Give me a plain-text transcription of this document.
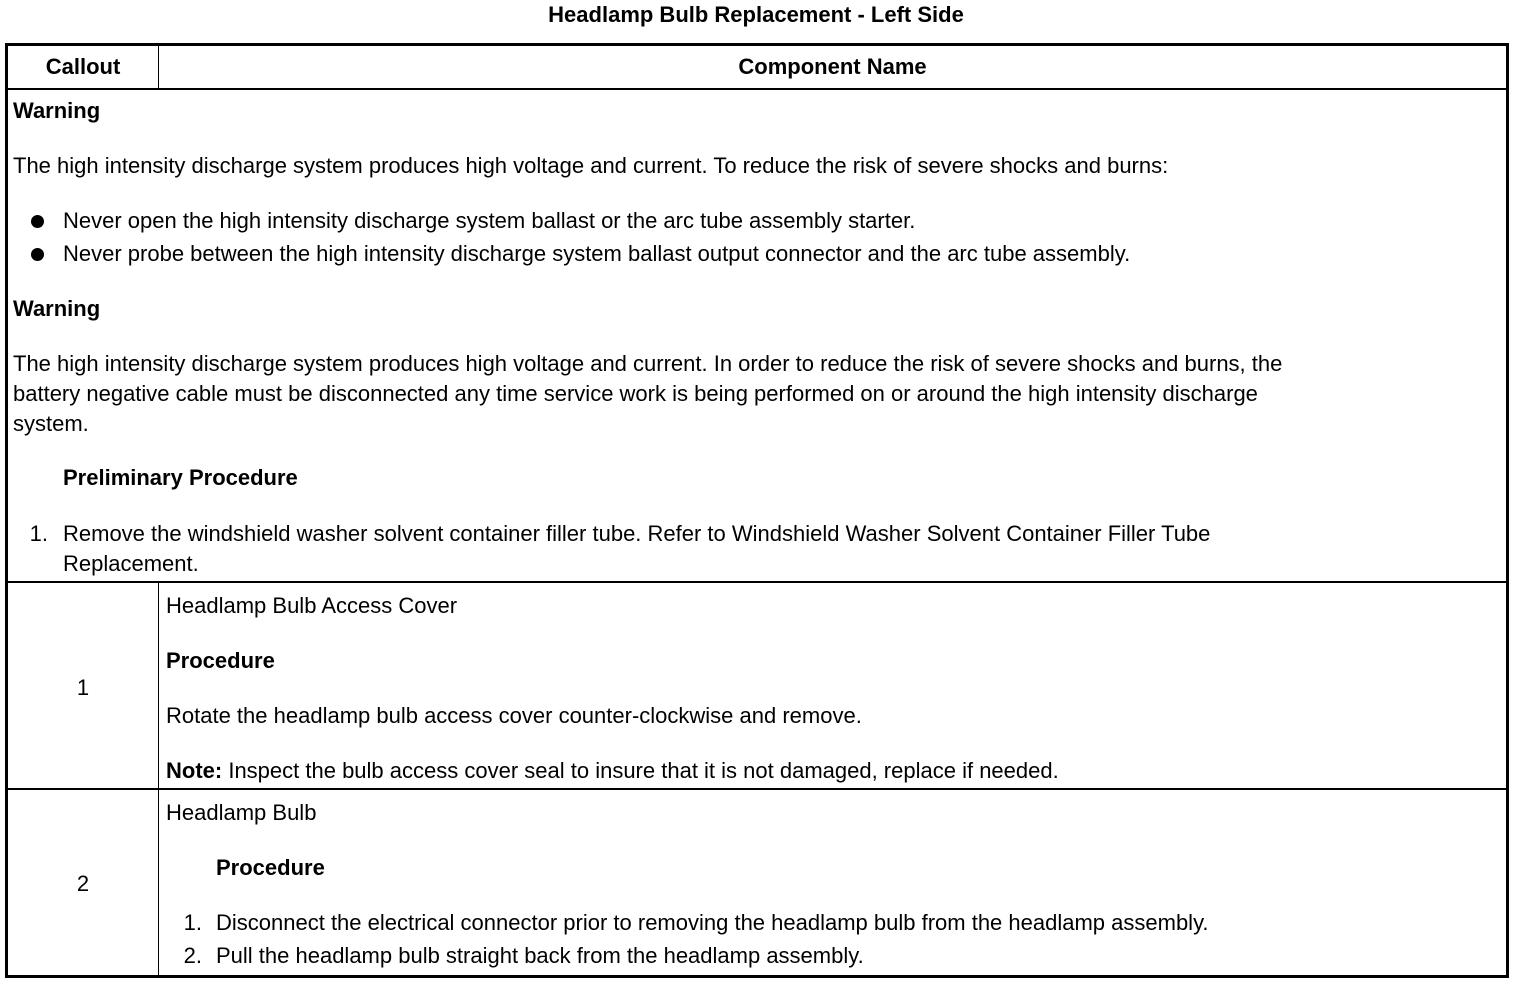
Headlamp Bulb Replacement - Left Side
Callout	Component Name
Warning
The high intensity discharge system produces high voltage and current. To reduce the risk of severe shocks and burns:
Never open the high intensity discharge system ballast or the arc tube assembly starter.
Never probe between the high intensity discharge system ballast output connector and the arc tube assembly.
Warning
The high intensity discharge system produces high voltage and current. In order to reduce the risk of severe shocks and burns, the
battery negative cable must be disconnected any time service work is being performed on or around the high intensity discharge
system.
Preliminary Procedure
1. Remove the windshield washer solvent container filler tube. Refer to Windshield Washer Solvent Container Filler Tube
Replacement.
1
Headlamp Bulb Access Cover
Procedure
Rotate the headlamp bulb access cover counter-clockwise and remove.
Note: Inspect the bulb access cover seal to insure that it is not damaged, replace if needed.
2
Headlamp Bulb
Procedure
1. Disconnect the electrical connector prior to removing the headlamp bulb from the headlamp assembly.
2. Pull the headlamp bulb straight back from the headlamp assembly.
